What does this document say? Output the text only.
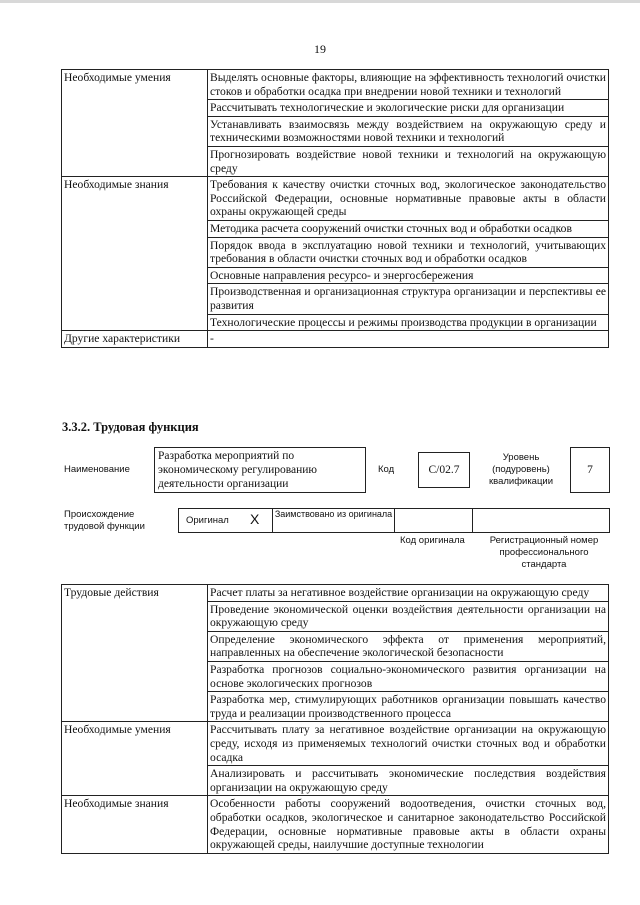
19
Необходимые умения	Выделять основные факторы, влияющие на эффективность технологий очистки стоков и обработки осадка при внедрении новой техники и технологий
	Рассчитывать технологические и экологические риски для организации
	Устанавливать взаимосвязь между воздействием на окружающую среду и техническими возможностями новой техники и технологий
	Прогнозировать воздействие новой техники и технологий на окружающую среду
Необходимые знания	Требования к качеству очистки сточных вод, экологическое законодательство Российской Федерации, основные нормативные правовые акты в области охраны окружающей среды
	Методика расчета сооружений очистки сточных вод и обработки осадков
	Порядок ввода в эксплуатацию новой техники и технологий, учитывающих требования в области очистки сточных вод и обработки осадков
	Основные направления ресурсо- и энергосбережения
	Производственная и организационная структура организации и перспективы ее развития
	Технологические процессы и режимы производства продукции в организации
Другие характеристики	-
3.3.2. Трудовая функция
Наименование
Разработка мероприятий по экономическому регулированию деятельности организации
Код	C/02.7
Уровень (подуровень) квалификации
7
Происхождение трудовой функции
Оригинал X Заимствовано из оригинала
Код оригинала	Регистрационный номер профессионального стандарта
Трудовые действия	Расчет платы за негативное воздействие организации на окружающую среду
	Проведение экономической оценки воздействия деятельности организации на окружающую среду
	Определение экономического эффекта от применения мероприятий, направленных на обеспечение экологической безопасности
	Разработка прогнозов социально-экономического развития организации на основе экологических прогнозов
	Разработка мер, стимулирующих работников организации повышать качество труда и реализации производственного процесса
Необходимые умения	Рассчитывать плату за негативное воздействие организации на окружающую среду, исходя из применяемых технологий очистки сточных вод и обработки осадка
	Анализировать и рассчитывать экономические последствия воздействия организации на окружающую среду
Необходимые знания	Особенности работы сооружений водоотведения, очистки сточных вод, обработки осадков, экологическое и санитарное законодательство Российской Федерации, основные нормативные правовые акты в области охраны окружающей среды, наилучшие доступные технологии
